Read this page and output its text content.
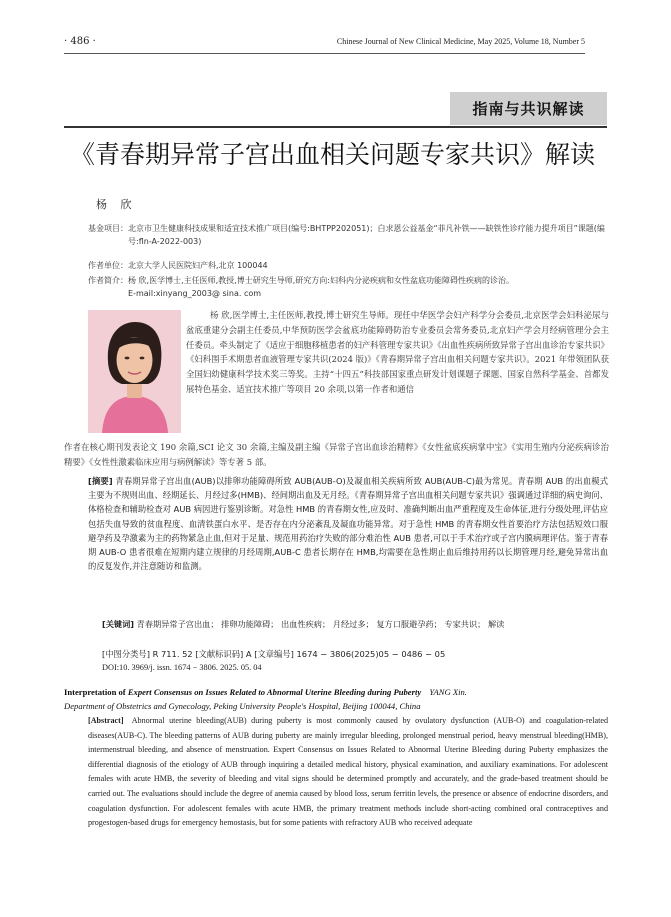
· 486 ·	Chinese Journal of New Clinical Medicine, May 2025, Volume 18, Number 5
指南与共识解读
《青春期异常子宫出血相关问题专家共识》解读
杨 欣
基金项目： 北京市卫生健康科技成果和适宜技术推广项目(编号:BHTPP202051)；白求恩公益基金“菲凡补铁——缺铁性诊疗能力提升项目”课题(编号:fln-A-2022-003)
作者单位：北京大学人民医院妇产科,北京 100044
作者简介： 杨 欣,医学博士,主任医师,教授,博士研究生导师,研究方向:妇科内分泌疾病和女性盆底功能障碍性疾病的诊治。
E-mail:xinyang_2003@ sina. com
杨 欣,医学博士,主任医师,教授,博士研究生导师。现任中华医学会妇产科学分会委员,北京医学会妇科泌尿与盆底重建分会副主任委员,中华预防医学会盆底功能障碍防治专业委员会常务委员,北京妇产学会月经病管理分会主任委员。牵头制定了《适应于细胞移植患者的妇产科管理专家共识》《出血性疾病所致异常子宫出血诊治专家共识》《妇科围手术期患者血液管理专家共识(2024 版)》《青春期异常子宫出血相关问题专家共识》。2021 年带领团队获全国妇幼健康科学技术奖三等奖。主持“十四五”科技部国家重点研发计划课题子课题、国家自然科学基金、首都发展特色基金、适宜技术推广等项目 20 余项,以第一作者和通信
作者在核心期刊发表论文 190 余篇,SCI 论文 30 余篇,主编及副主编《异常子宫出血诊治精粹》《女性盆底疾病掌中宝》《实用生殖内分泌疾病诊治精要》《女性性激素临床应用与病例解读》等专著 5 部。
[摘要] 青春期异常子宫出血(AUB)以排卵功能障碍所致 AUB(AUB-O)及凝血相关疾病所致 AUB(AUB-C)最为常见。青春期 AUB 的出血模式主要为不规则出血、经期延长、月经过多(HMB)、经间期出血及无月经。《青春期异常子宫出血相关问题专家共识》强调通过详细的病史询问、体格检查和辅助检查对 AUB 病因进行鉴别诊断。对急性 HMB 的青春期女性,应及时、准确判断出血严重程度及生命体征,进行分级处理,评估应包括失血导致的贫血程度、血清铁蛋白水平、是否存在内分泌紊乱及凝血功能异常。对于急性 HMB 的青春期女性首要治疗方法包括短效口服避孕药及孕激素为主的药物紧急止血,但对于足量、规范用药治疗失败的部分难治性 AUB 患者,可以于手术治疗或子宫内膜病理评估。鉴于青春期 AUB-O 患者很难在短期内建立规律的月经周期,AUB-C 患者长期存在 HMB,均需要在急性期止血后维持用药以长期管理月经,避免异常出血的反复发作,并注意随访和监测。
[关键词] 青春期异常子宫出血； 排卵功能障碍； 出血性疾病； 月经过多； 复方口服避孕药； 专家共识； 解读
[中图分类号] R 711. 52 [文献标识码] A [文章编号] 1674 − 3806(2025)05 − 0486 − 05
DOI:10. 3969/j. issn. 1674 − 3806. 2025. 05. 04
Interpretation of Expert Consensus on Issues Related to Abnormal Uterine Bleeding during Puberty YANG Xin.
Department of Obstetrics and Gynecology, Peking University People's Hospital, Beijing 100044, China
[Abstract] Abnormal uterine bleeding(AUB) during puberty is most commonly caused by ovulatory dysfunction (AUB-O) and coagulation-related diseases(AUB-C). The bleeding patterns of AUB during puberty are mainly irregular bleeding, prolonged menstrual period, heavy menstrual bleeding(HMB), intermenstrual bleeding, and absence of menstruation. Expert Consensus on Issues Related to Abnormal Uterine Bleeding during Puberty emphasizes the differential diagnosis of the etiology of AUB through inquiring a detailed medical history, physical examination, and auxiliary examinations. For adolescent females with acute HMB, the severity of bleeding and vital signs should be determined promptly and accurately, and the grade-based treatment should be carried out. The evaluations should include the degree of anemia caused by blood loss, serum ferritin levels, the presence or absence of endocrine disorders, and coagulation dysfunction. For adolescent females with acute HMB, the primary treatment methods include short-acting combined oral contraceptives and progestogen-based drugs for emergency hemostasis, but for some patients with refractory AUB who received adequate
